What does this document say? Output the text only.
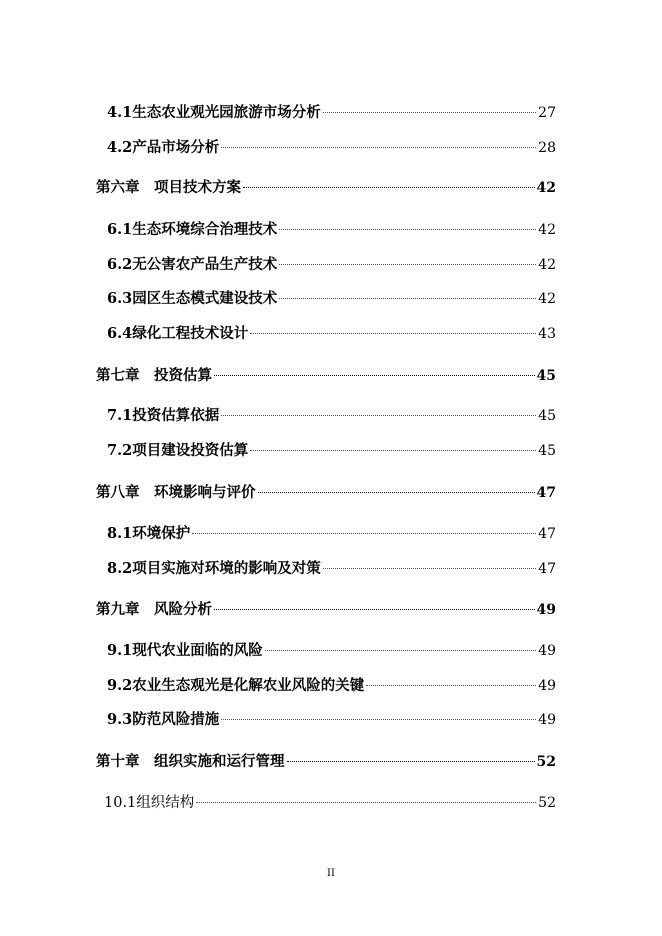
4.1生态农业观光园旅游市场分析	27
4.2产品市场分析	28
第六章　项目技术方案	42
6.1生态环境综合治理技术	42
6.2无公害农产品生产技术	42
6.3园区生态模式建设技术	42
6.4绿化工程技术设计	43
第七章　投资估算	45
7.1投资估算依据	45
7.2项目建设投资估算	45
第八章　环境影响与评价	47
8.1环境保护	47
8.2项目实施对环境的影响及对策	47
第九章　风险分析	49
9.1现代农业面临的风险	49
9.2农业生态观光是化解农业风险的关键	49
9.3防范风险措施	49
第十章　组织实施和运行管理	52
10.1组织结构	52
II
